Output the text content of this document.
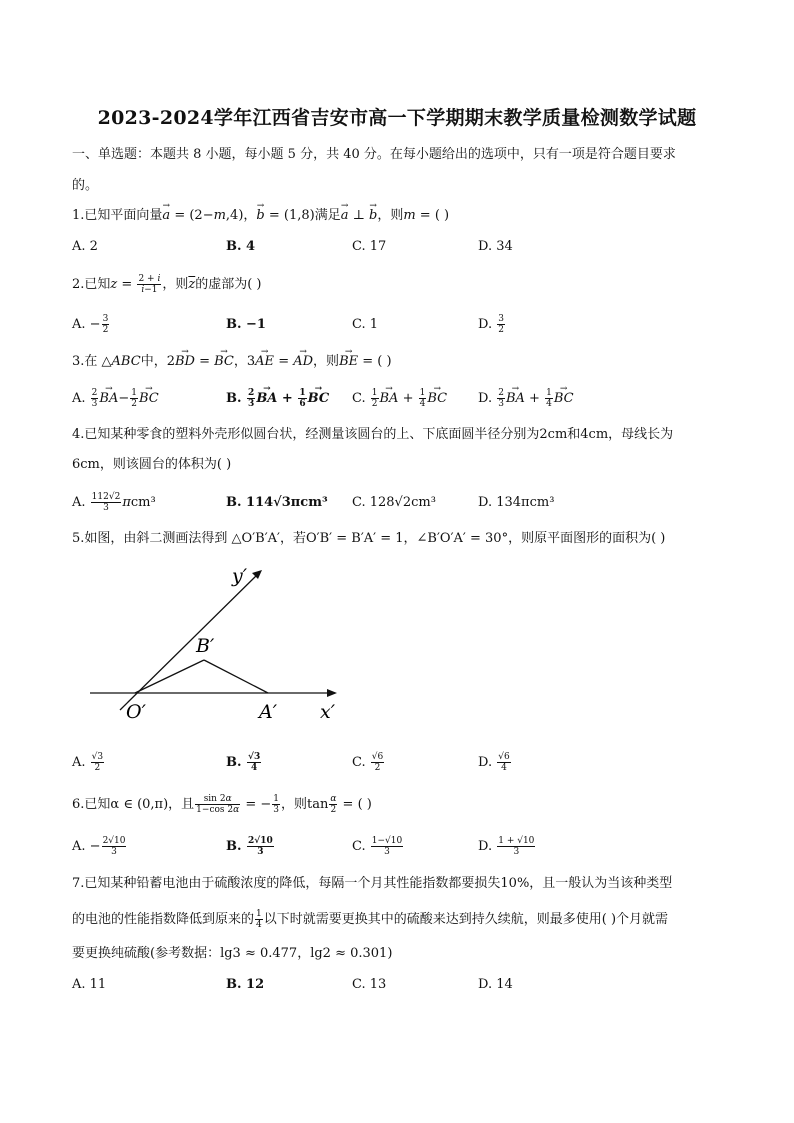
2023-2024学年江西省吉安市高一下学期期末教学质量检测数学试题
一、单选题：本题共 8 小题，每小题 5 分，共 40 分。在每小题给出的选项中，只有一项是符合题目要求
的。
1.已知平面向量→ a = (2−m,4)，→ b = (1,8)满足→ a ⊥ → b，则m = ( )
A. 2	B. 4	C. 17	D. 34
2.已知$z = \frac{2 + i}{i-1}$ ，则$\overline{z}$的虚部为( )
A. − $\frac{3}{2}$	B. −1	C. 1	D. $\frac{3}{2}$
3.在 △ABC中，2→ BD = → BC，3→ AE = → AD，则→ BE = ( )
A. $\frac{2}{3} \to BA- \frac{1}{2}$ → BC	B. $\frac{2}{3}$ → BA + $\frac{1}{6}$ → BC C. $\frac{1}{2}$ → BA + $\frac{1}{4}$ → BC D. $\frac{2}{3}$ → BA + $\frac{1}{4}$ → BC
4.已知某种零食的塑料外壳形似圆台状，经测量该圆台的上、下底面圆半径分别为2cm和4cm，母线长为
6cm，则该圆台的体积为( )
A. $\frac{112√2}{3} \pi cm^3$	B. 114√3πcm³ C. 128√2cm³	D. 134πcm³
5.如图，由斜二测画法得到 △O′B′A′，若O′B′ = B′A′ = 1，∠B′O′A′ = 30°，则原平面图形的面积为( )
y′
x′
O′	A′
B′
A. $\frac{√3}{2}$	B. $\frac{√3}{4}$	C. $\frac{√6}{2}$	D. $\frac{√6}{4}$
6.已知α ∈ (0,π)，且 $\frac{\sin 2\alpha}{1-\cos 2\alpha}$ = − $\frac{1}{3}$ ，则$\tan \frac{\alpha}{2}$ = ( )
A. − $\frac{2√10}{3}$	B. $\frac{2√10}{3}$	C. $\frac{1-√10}{3}$	D. $\frac{1 + √10}{3}$
7.已知某种铅蓄电池由于硫酸浓度的降低，每隔一个月其性能指数都要损失10%，且一般认为当该种类型
的电池的性能指数降低到原来的 $\frac{1}{4}$ 以下时就需要更换其中的硫酸来达到持久续航，则最多使用( )个月就需
要更换纯硫酸(参考数据：lg3 ≈ 0.477，lg2 ≈ 0.301)
A. 11	B. 12	C. 13	D. 14
